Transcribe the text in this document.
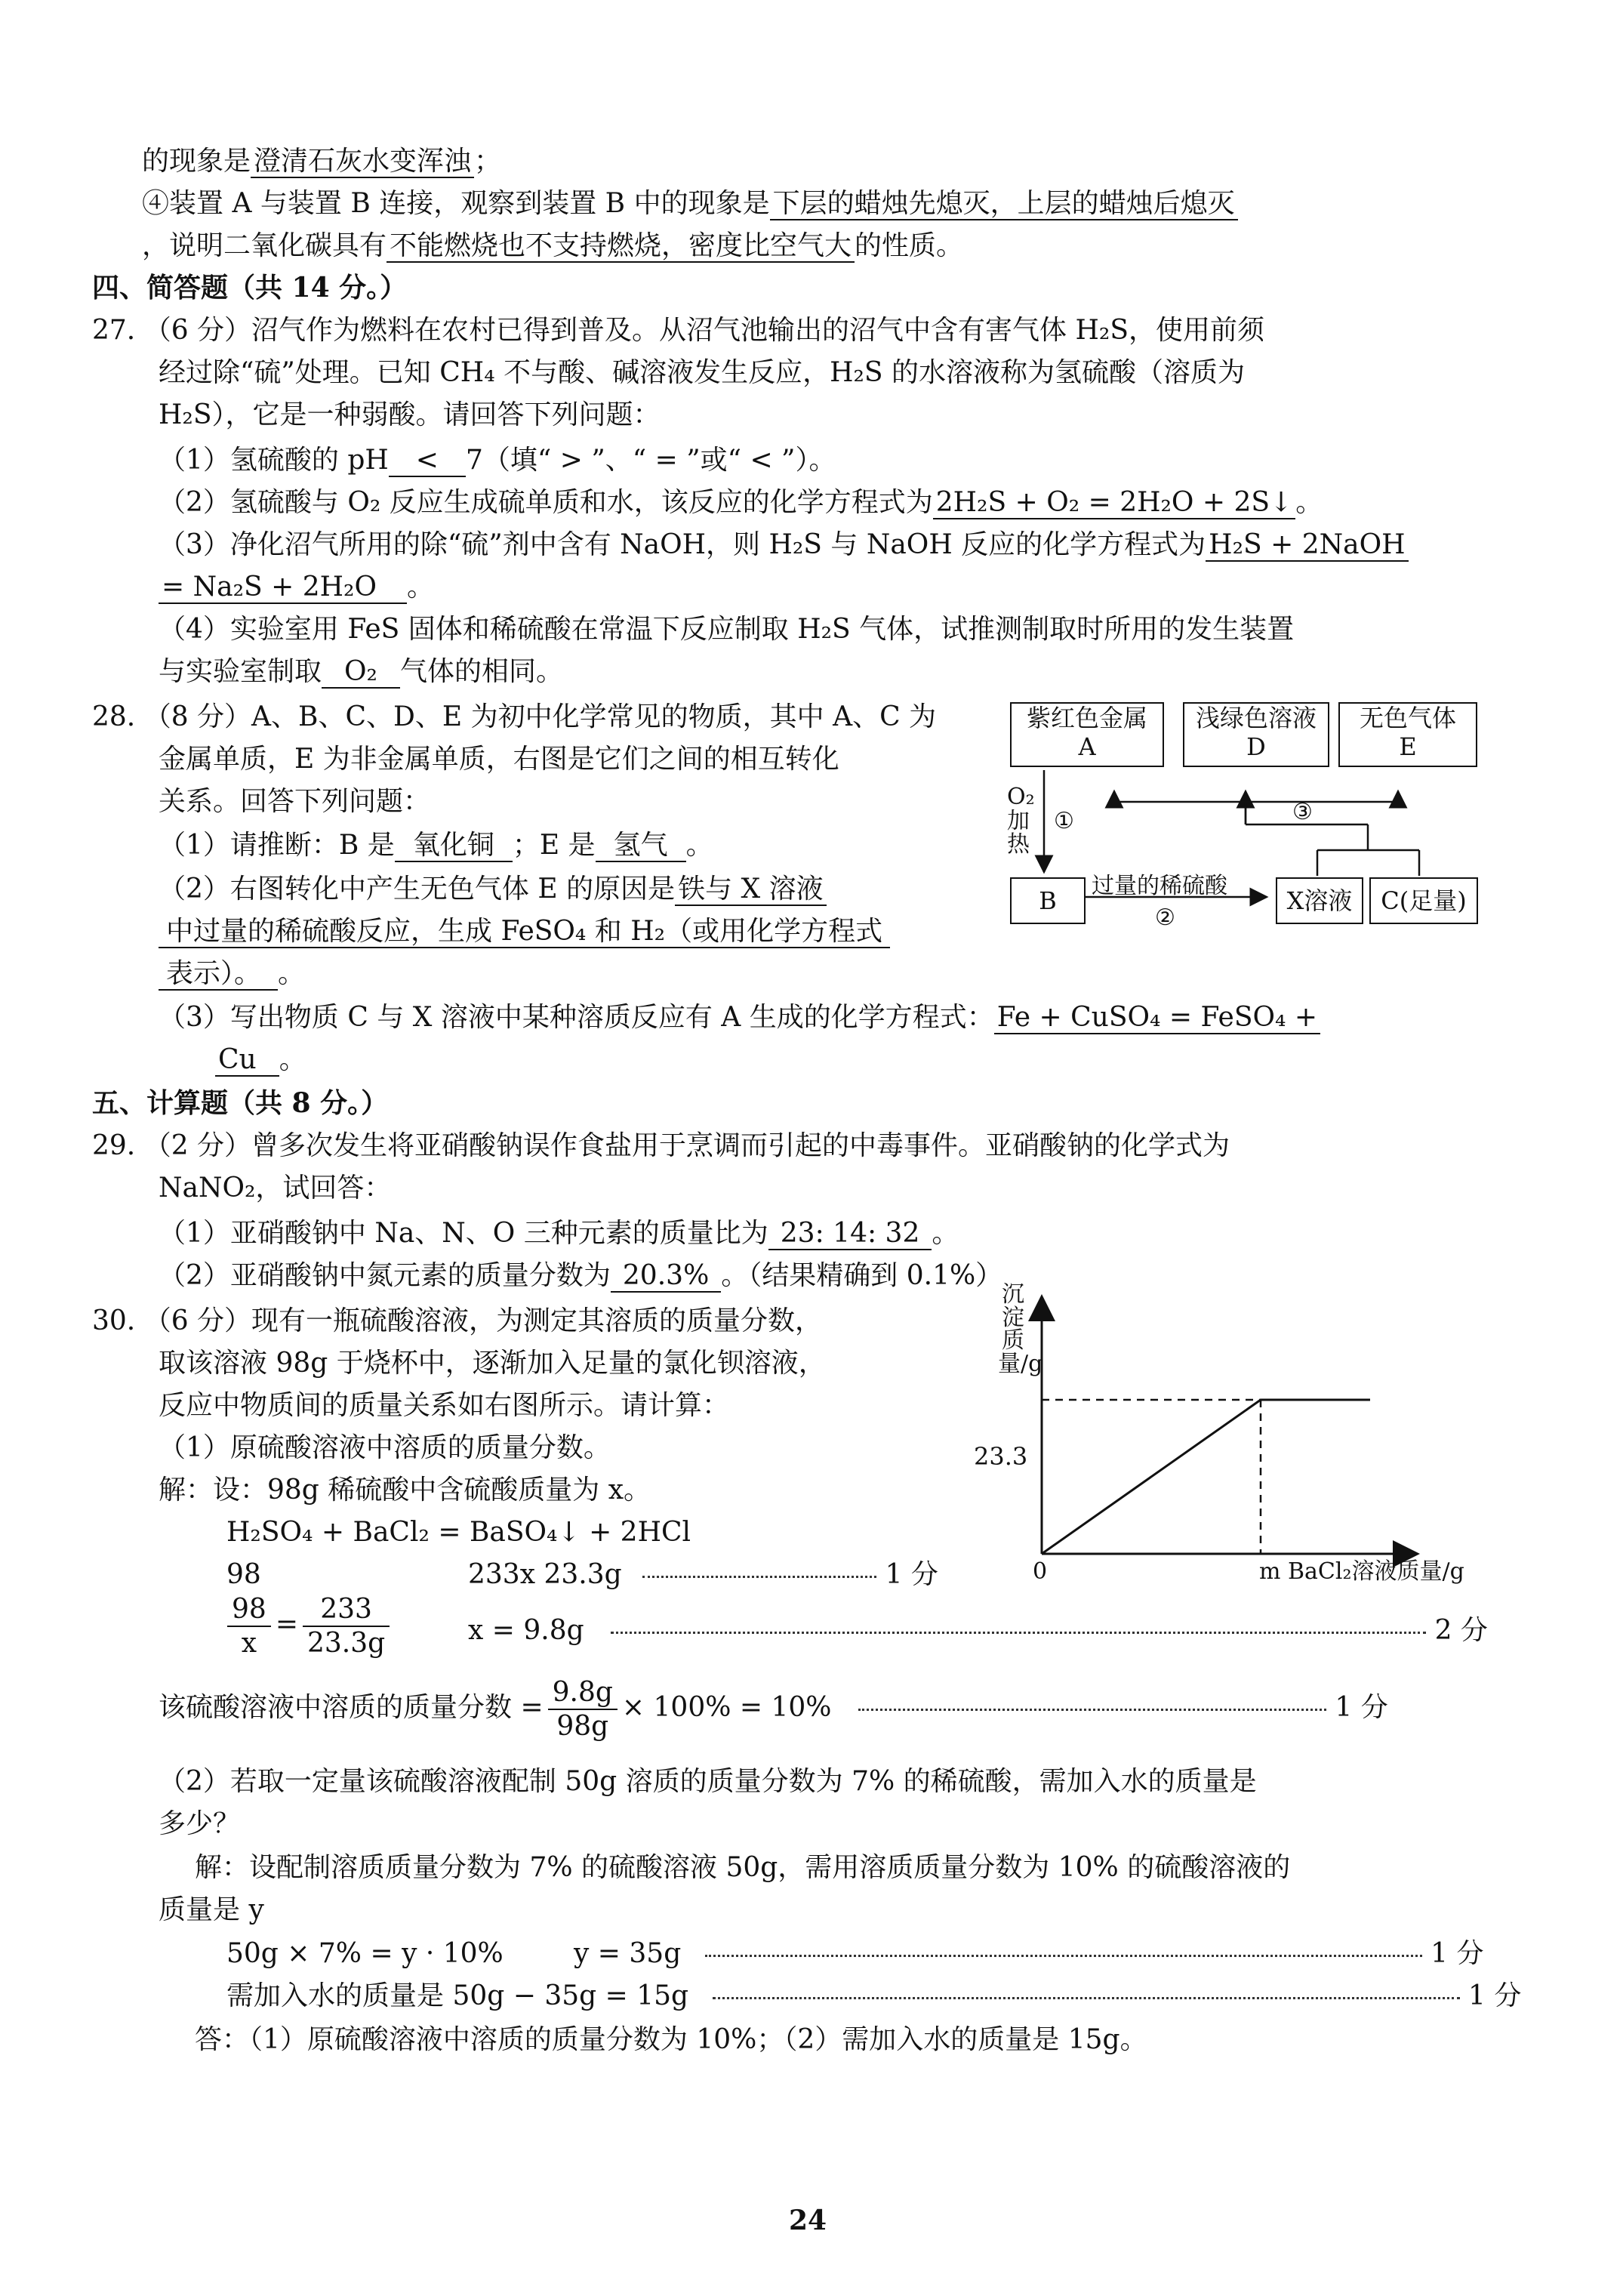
的现象是 澄清石灰水变浑浊 ；
④装置 A 与装置 B 连接，观察到装置 B 中的现象是 下层的蜡烛先熄灭，上层的蜡烛后熄灭
，说明二氧化碳具有 不能燃烧也不支持燃烧，密度比空气大 的性质。
四、简答题（共 14 分。）
27. （6 分）沼气作为燃料在农村已得到普及。从沼气池输出的沼气中含有害气体 H₂S，使用前须
经过除“硫”处理。已知 CH₄ 不与酸、碱溶液发生反应，H₂S 的水溶液称为氢硫酸（溶质为
H₂S），它是一种弱酸。请回答下列问题：
（1）氢硫酸的 pH < 7（填“ > ”、“ = ”或“ < ”）。
（2）氢硫酸与 O₂ 反应生成硫单质和水，该反应的化学方程式为 2H₂S + O₂ = 2H₂O + 2S↓ 。
（3）净化沼气所用的除“硫”剂中含有 NaOH，则 H₂S 与 NaOH 反应的化学方程式为 H₂S + 2NaOH
= Na₂S + 2H₂O 。
（4）实验室用 FeS 固体和稀硫酸在常温下反应制取 H₂S 气体，试推测制取时所用的发生装置
与实验室制取 O₂ 气体的相同。
28. （8 分）A、B、C、D、E 为初中化学常见的物质，其中 A、C 为
金属单质，E 为非金属单质，右图是它们之间的相互转化
关系。回答下列问题：
（1）请推断：B 是 氧化铜 ；E 是 氢气 。
（2）右图转化中产生无色气体 E 的原因是 铁与 X 溶液
中过量的稀硫酸反应，生成 FeSO₄ 和 H₂（或用化学方程式
表示）。 。
（3）写出物质 C 与 X 溶液中某种溶质反应有 A 生成的化学方程式： Fe + CuSO₄ = FeSO₄ +
Cu 。
紫红色金属
A
浅绿色溶液
D
无色气体
E
B	X溶液	C(足量)
O₂ 加 热
①
过量的稀硫酸
②
③
五、计算题（共 8 分。）
29. （2 分）曾多次发生将亚硝酸钠误作食盐用于烹调而引起的中毒事件。亚硝酸钠的化学式为
NaNO₂，试回答：
（1）亚硝酸钠中 Na、N、O 三种元素的质量比为 23: 14: 32 。
（2）亚硝酸钠中氮元素的质量分数为 20.3% 。（结果精确到 0.1%）
30. （6 分）现有一瓶硫酸溶液，为测定其溶质的质量分数，
取该溶液 98g 于烧杯中，逐渐加入足量的氯化钡溶液，
反应中物质间的质量关系如右图所示。请计算：
（1）原硫酸溶液中溶质的质量分数。
解：设：98g 稀硫酸中含硫酸质量为 x。
H₂SO₄ + BaCl₂ = BaSO₄↓ + 2HCl
98	233x 23.3g	1 分
$\frac{98}{x} = \frac{233}{23.3g}$	x = 9.8g	2 分
该硫酸溶液中溶质的质量分数 = $\frac{9.8g}{98g} \times 100\% = 10\%$	1 分
（2）若取一定量该硫酸溶液配制 50g 溶质的质量分数为 7% 的稀硫酸，需加入水的质量是
多少？
解：设配制溶质质量分数为 7% 的硫酸溶液 50g，需用溶质质量分数为 10% 的硫酸溶液的
质量是 y
50g × 7% = y · 10%	y = 35g	1 分
需加入水的质量是 50g − 35g = 15g	1 分
答：（1）原硫酸溶液中溶质的质量分数为 10%；（2）需加入水的质量是 15g。
沉淀质量/g
m BaCl₂溶液质量/g
0
23.3
24
